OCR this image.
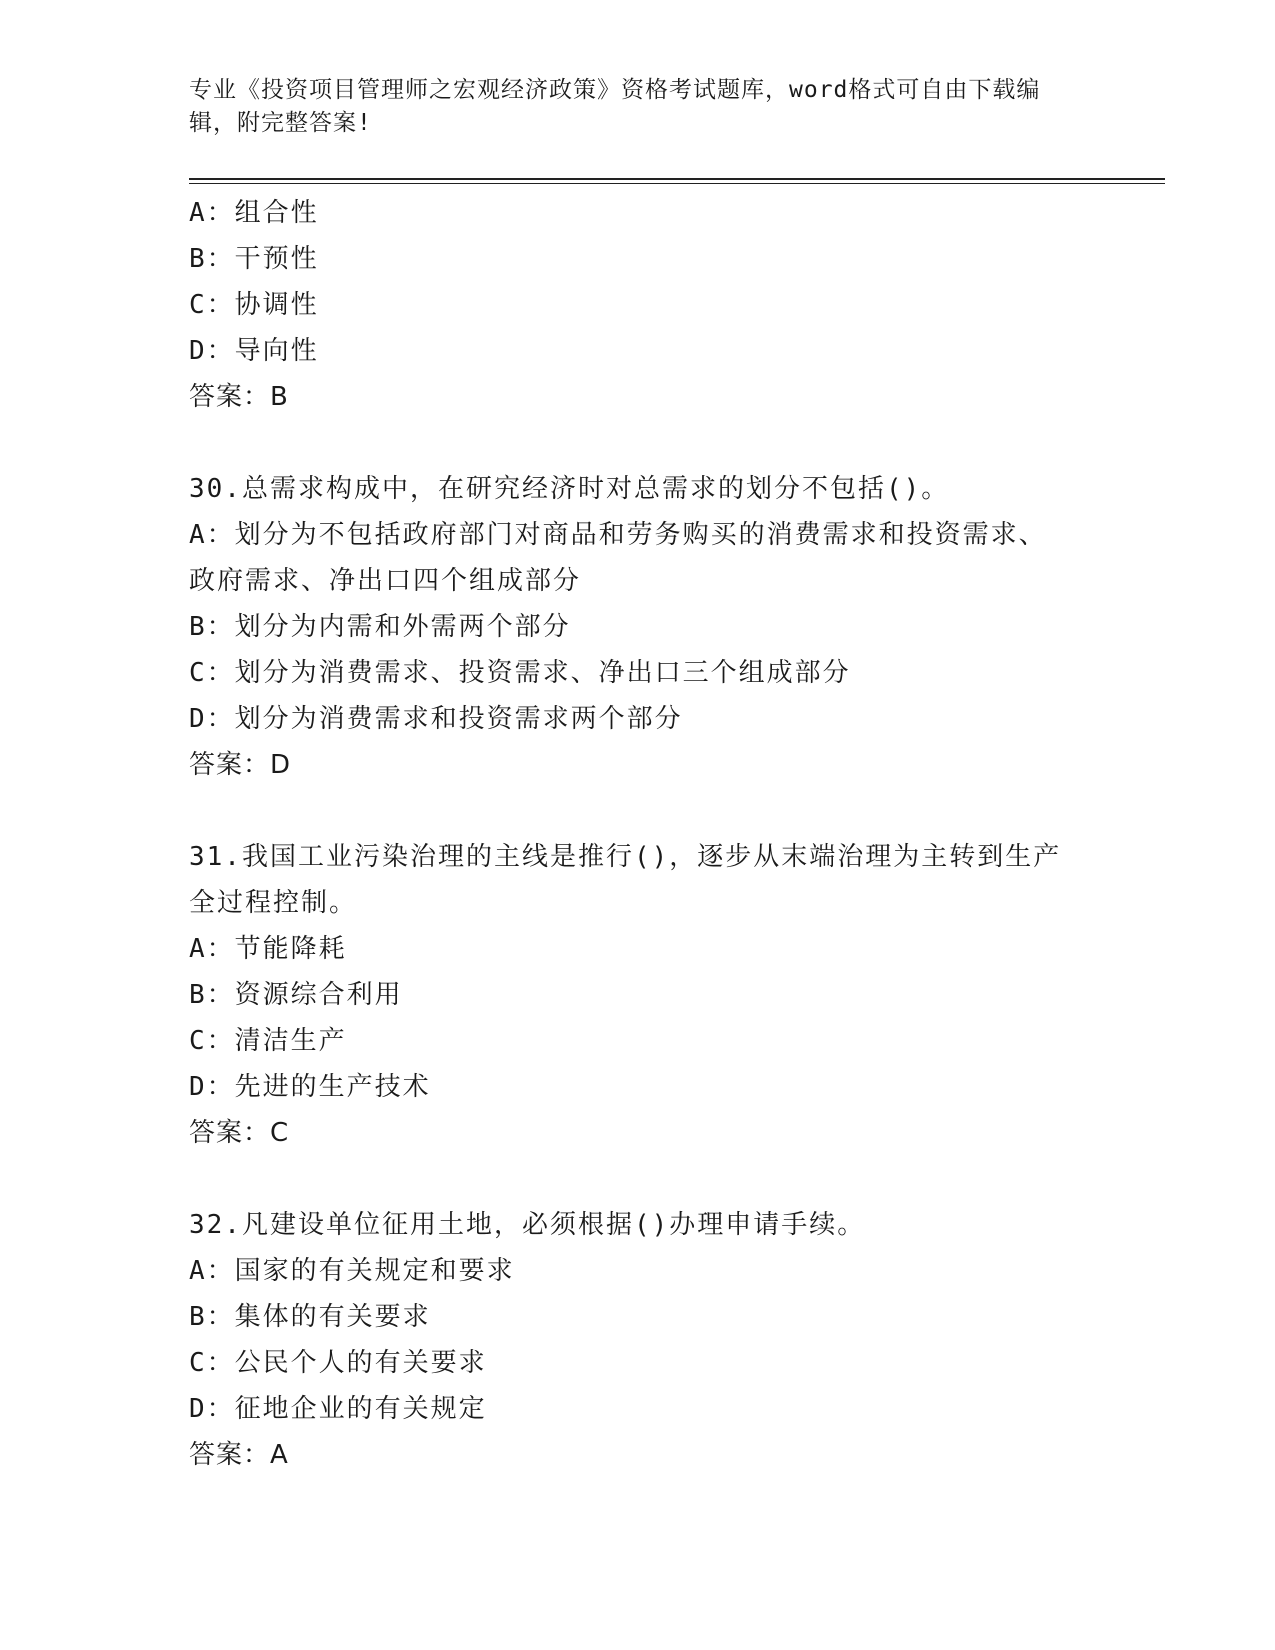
专业《投资项目管理师之宏观经济政策》资格考试题库，word格式可自由下载编
辑，附完整答案!
A：组合性
B：干预性
C：协调性
D：导向性
答案：B
30.总需求构成中，在研究经济时对总需求的划分不包括()。
A：划分为不包括政府部门对商品和劳务购买的消费需求和投资需求、
政府需求、净出口四个组成部分
B：划分为内需和外需两个部分
C：划分为消费需求、投资需求、净出口三个组成部分
D：划分为消费需求和投资需求两个部分
答案：D
31.我国工业污染治理的主线是推行()，逐步从末端治理为主转到生产
全过程控制。
A：节能降耗
B：资源综合利用
C：清洁生产
D：先进的生产技术
答案：C
32.凡建设单位征用土地，必须根据()办理申请手续。
A：国家的有关规定和要求
B：集体的有关要求
C：公民个人的有关要求
D：征地企业的有关规定
答案：A
